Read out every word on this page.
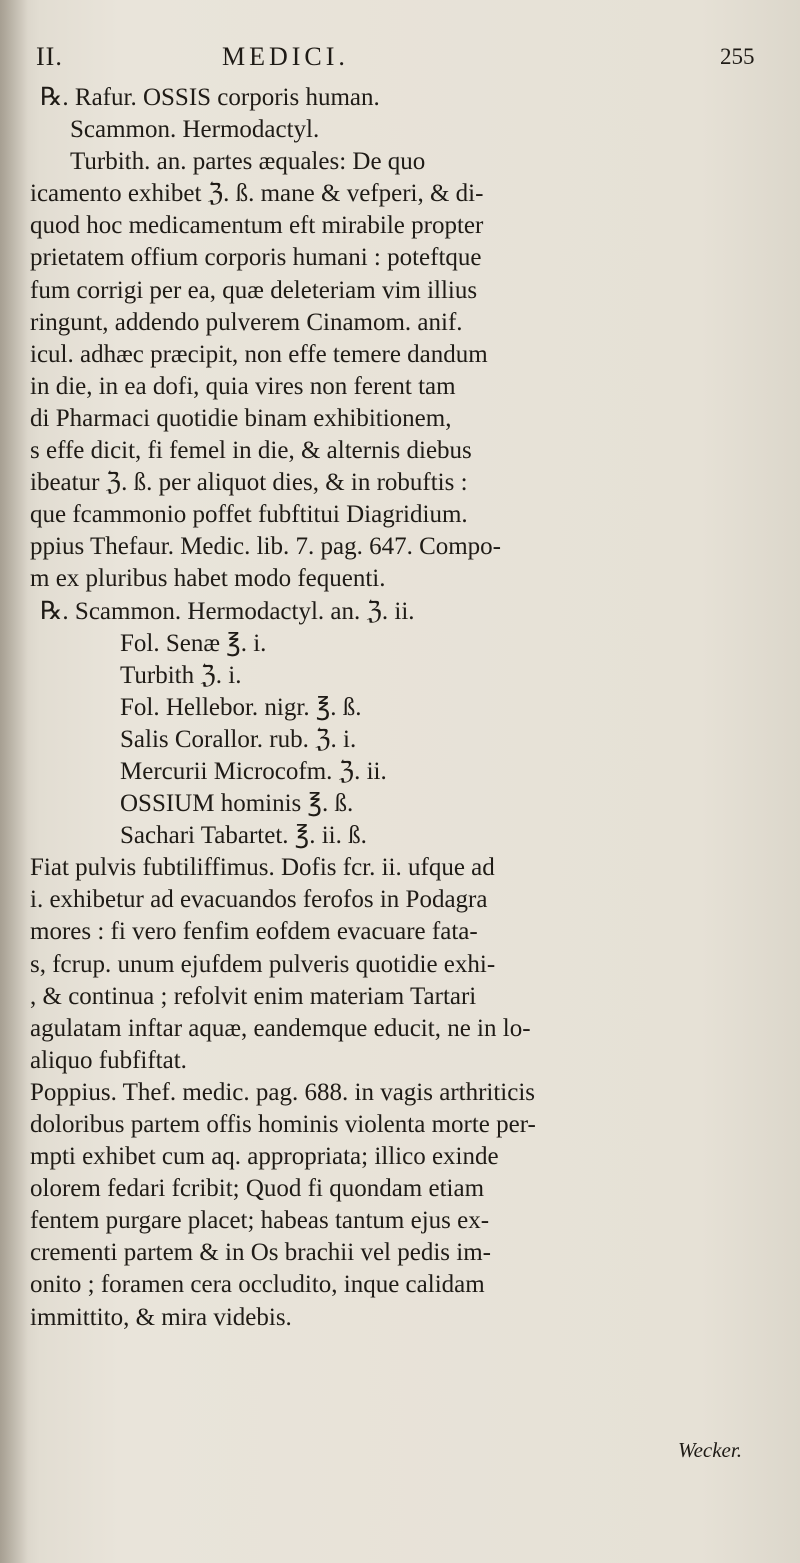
II.	MEDICI.	255
℞. Rafur. OSSIS corporis human.
Scammon. Hermodactyl.
Turbith. an. partes æquales: De quo
icamento exhibet ℨ. ß. mane & vefperi, & di-
quod hoc medicamentum eft mirabile propter
prietatem offium corporis humani : poteftque
fum corrigi per ea, quæ deleteriam vim illius
ringunt, addendo pulverem Cinamom. anif.
icul. adhæc præcipit, non effe temere dandum
in die, in ea dofi, quia vires non ferent tam
di Pharmaci quotidie binam exhibitionem,
s effe dicit, fi femel in die, & alternis diebus
ibeatur ℨ. ß. per aliquot dies, & in robuftis :
que fcammonio poffet fubftitui Diagridium.
ppius Thefaur. Medic. lib. 7. pag. 647. Compo-
m ex pluribus habet modo fequenti.
℞. Scammon. Hermodactyl. an. ℨ. ii.
Fol. Senæ ℥. i.
Turbith ℨ. i.
Fol. Hellebor. nigr. ℥. ß.
Salis Corallor. rub. ℨ. i.
Mercurii Microcofm. ℨ. ii.
OSSIUM hominis ℥. ß.
Sachari Tabartet. ℥. ii. ß.
Fiat pulvis fubtiliffimus. Dofis fcr. ii. ufque ad
i. exhibetur ad evacuandos ferofos in Podagra
mores : fi vero fenfim eofdem evacuare fata-
s, fcrup. unum ejufdem pulveris quotidie exhi-
, & continua ; refolvit enim materiam Tartari
agulatam inftar aquæ, eandemque educit, ne in lo-
aliquo fubfiftat.
Poppius. Thef. medic. pag. 688. in vagis arthriticis
doloribus partem offis hominis violenta morte per-
mpti exhibet cum aq. appropriata; illico exinde
olorem fedari fcribit; Quod fi quondam etiam
fentem purgare placet; habeas tantum ejus ex-
crementi partem & in Os brachii vel pedis im-
onito ; foramen cera occludito, inque calidam
immittito, & mira videbis.
Wecker.
